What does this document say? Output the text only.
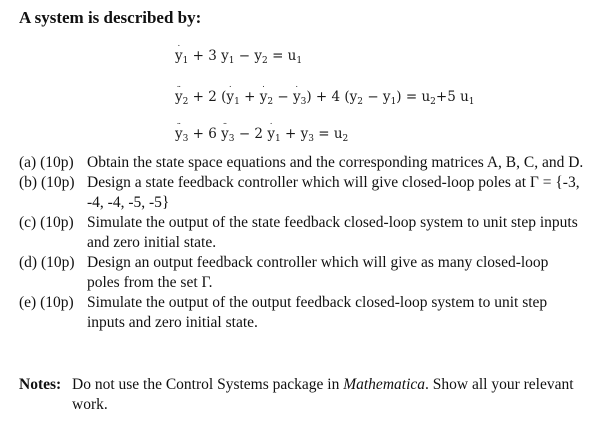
A system is described by:
˙ $y_1 + 3$ $y_1 - y_2 = u_1$
¨ $y_2 + 2$ (˙ $y_1$ + ˙ $y_2$ − ˙ $y_3) + 4$ $(y_2 - y_1) = u_2+5$ $u_1$
¨ $y_3 + 6$ ¨ $y_3 - 2$ ˙ $y_1 + y_3 = u_2$
(a) (10p) Obtain the state space equations and the corresponding matrices A, B, C, and D.
(b) (10p) Design a state feedback controller which will give closed-loop poles at Γ = {-3, -4, -4, -5, -5}
(c) (10p) Simulate the output of the state feedback closed-loop system to unit step inputs and zero initial state.
(d) (10p) Design an output feedback controller which will give as many closed-loop poles from the set Γ.
(e) (10p) Simulate the output of the output feedback closed-loop system to unit step inputs and zero initial state.
Notes: Do not use the Control Systems package in Mathematica. Show all your relevant work.
